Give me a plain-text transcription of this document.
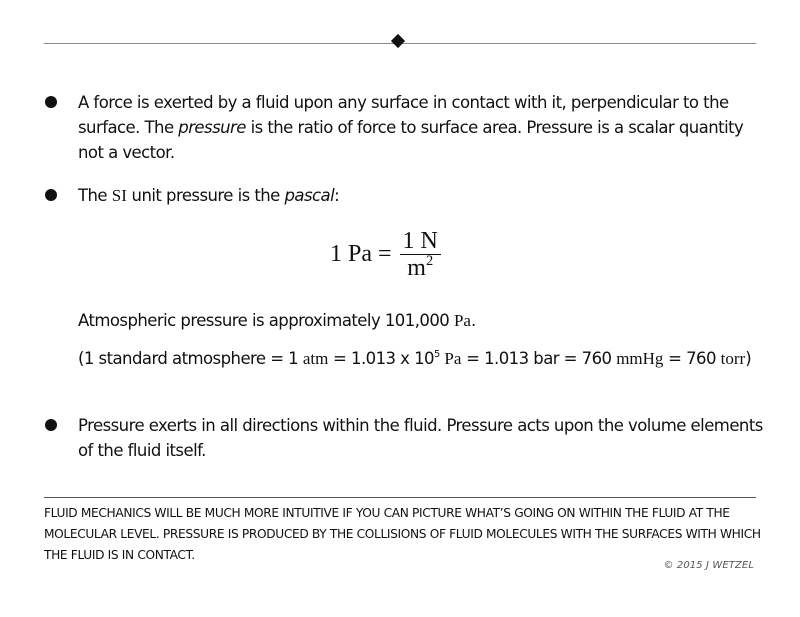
A force is exerted by a fluid upon any surface in contact with it, perpendicular to the surface. The pressure is the ratio of force to surface area. Pressure is a scalar quantity not a vector.
The SI unit pressure is the pascal:
1 $Pa = \frac{1 N}{m^2}$
Atmospheric pressure is approximately 101,000 Pa.
(1 standard atmosphere = 1 atm = 1.013 x $10^5$ Pa = 1.013 bar = 760 mmHg = 760 torr)
Pressure exerts in all directions within the fluid. Pressure acts upon the volume elements of the fluid itself.
FLUID MECHANICS WILL BE MUCH MORE INTUITIVE IF YOU CAN PICTURE WHAT’S GOING ON WITHIN THE FLUID AT THE MOLECULAR LEVEL. PRESSURE IS PRODUCED BY THE COLLISIONS OF FLUID MOLECULES WITH THE SURFACES WITH WHICH THE FLUID IS IN CONTACT.
© 2015 J WETZEL
